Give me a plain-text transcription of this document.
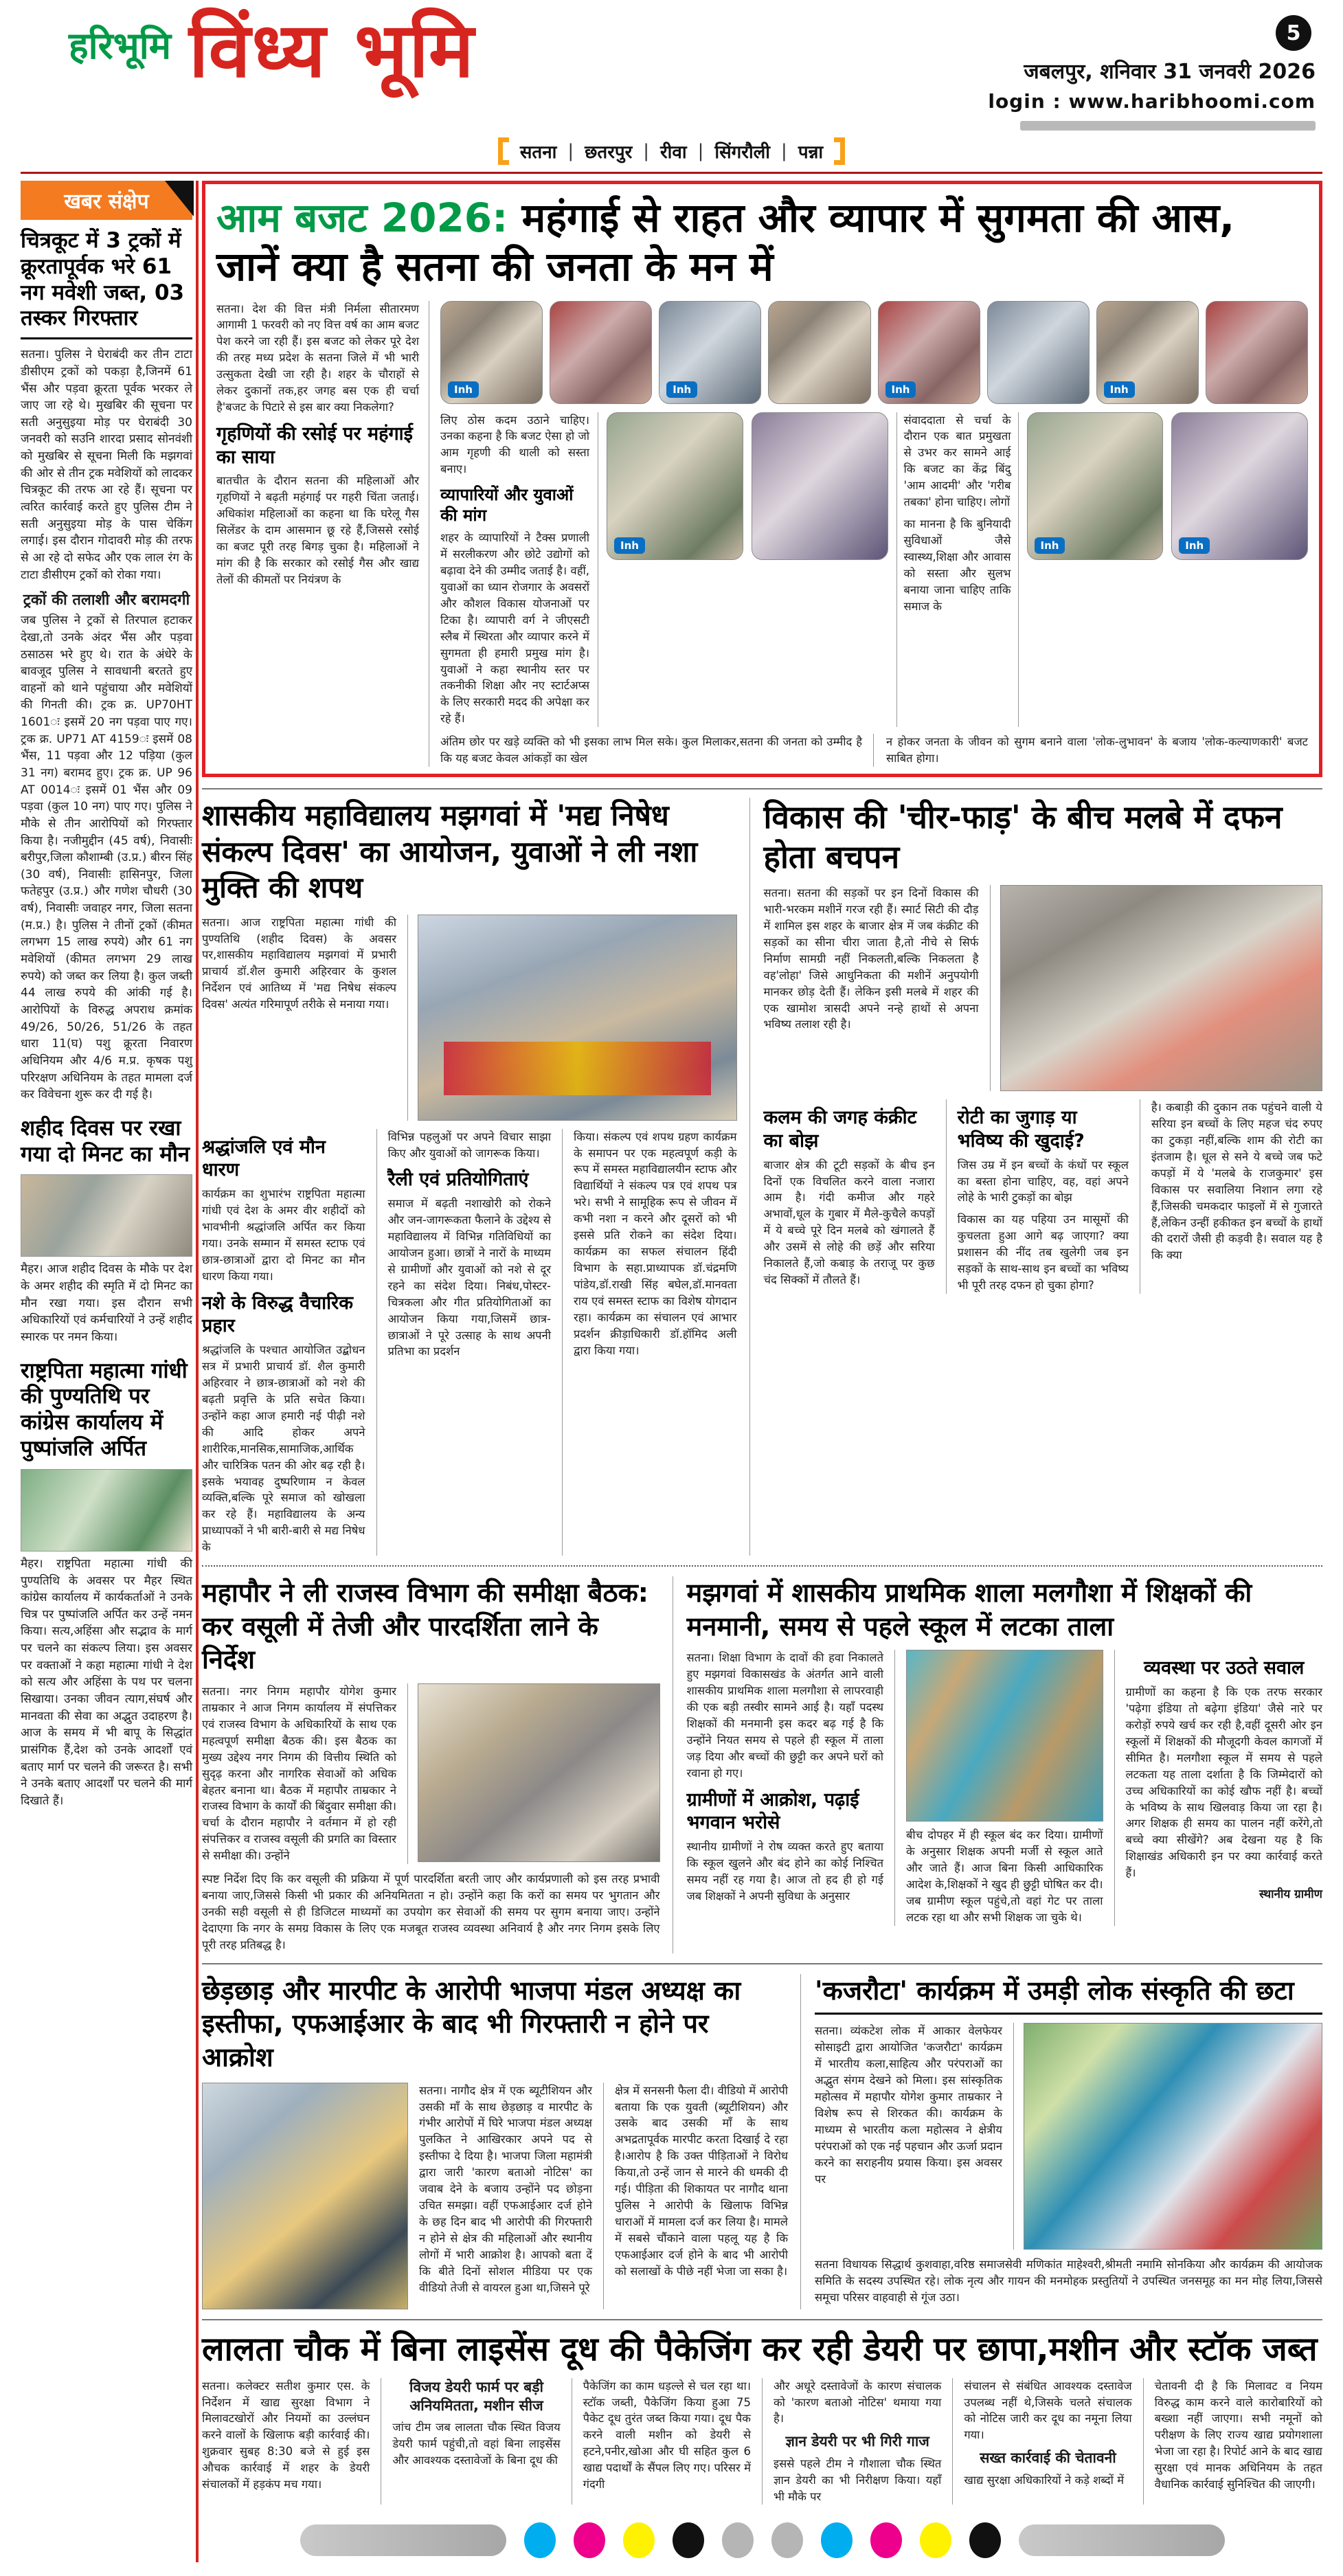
हरिभूमि विंध्य भूमि	5
जबलपुर, शनिवार 31 जनवरी 2026
login : www.haribhoomi.com
सतना | छतरपुर | रीवा | सिंगरौली | पन्ना
खबर संक्षेप
चित्रकूट में 3 ट्रकों में क्रूरतापूर्वक भरे 61 नग मवेशी जब्त, 03 तस्कर गिरफ्तार

सतना। पुलिस ने घेराबंदी कर तीन टाटा डीसीएम ट्रकों को पकड़ा है,जिनमें 61 भैंस और पड़वा क्रूरता पूर्वक भरकर ले जाए जा रहे थे। मुखबिर की सूचना पर सती अनुसुइया मोड़ पर घेराबंदी 30 जनवरी को सउनि शारदा प्रसाद सोनवंशी को मुखबिर से सूचना मिली कि मझगवां की ओर से तीन ट्रक मवेशियों को लादकर चित्रकूट की तरफ आ रहे हैं। सूचना पर त्वरित कार्रवाई करते हुए पुलिस टीम ने सती अनुसुइया मोड़ के पास चेकिंग लगाई। इस दौरान गोदावरी मोड़ की तरफ से आ रहे दो सफेद और एक लाल रंग के टाटा डीसीएम ट्रकों को रोका गया।

ट्रकों की तलाशी और बरामदगी

जब पुलिस ने ट्रकों से तिरपाल हटाकर देखा,तो उनके अंदर भैंस और पड़वा ठसाठस भरे हुए थे। रात के अंधेरे के बावजूद पुलिस ने सावधानी बरतते हुए वाहनों को थाने पहुंचाया और मवेशियों की गिनती की। ट्रक क्र. UP70HT 1601ः इसमें 20 नग पड़वा पाए गए। ट्रक क्र. UP71 AT 4159ः इसमें 08 भैंस, 11 पड़वा और 12 पड़िया (कुल 31 नग) बरामद हुए। ट्रक क्र. UP 96 AT 0014ः इसमें 01 भैंस और 09 पड़वा (कुल 10 नग) पाए गए। पुलिस ने मौके से तीन आरोपियों को गिरफ्तार किया है। नजीमुद्दीन (45 वर्ष), निवासीः बरीपुर,जिला कौशाम्बी (उ.प्र.) बीरन सिंह (30 वर्ष), निवासीः हासिनपुर, जिला फतेहपुर (उ.प्र.) और गणेश चौधरी (30 वर्ष), निवासीः जवाहर नगर, जिला सतना (म.प्र.) है। पुलिस ने तीनों ट्रकों (कीमत लगभग 15 लाख रुपये) और 61 नग मवेशियों (कीमत लगभग 29 लाख रुपये) को जब्त कर लिया है। कुल जब्ती 44 लाख रुपये की आंकी गई है। आरोपियों के विरुद्ध अपराध क्रमांक 49/26, 50/26, 51/26 के तहत धारा 11(घ) पशु क्रूरता निवारण अधिनियम और 4/6 म.प्र. कृषक पशु परिरक्षण अधिनियम के तहत मामला दर्ज कर विवेचना शुरू कर दी गई है।

शहीद दिवस पर रखा गया दो मिनट का मौन

मैहर। आज शहीद दिवस के मौके पर देश के अमर शहीद की स्मृति में दो मिनट का मौन रखा गया। इस दौरान सभी अधिकारियों एवं कर्मचारियों ने उन्हें शहीद स्मारक पर नमन किया।

राष्ट्रपिता महात्मा गांधी की पुण्यतिथि पर कांग्रेस कार्यालय में पुष्पांजलि अर्पित

मैहर। राष्ट्रपिता महात्मा गांधी की पुण्यतिथि के अवसर पर मैहर स्थित कांग्रेस कार्यालय में कार्यकर्ताओं ने उनके चित्र पर पुष्पांजलि अर्पित कर उन्हें नमन किया। सत्य,अहिंसा और सद्भाव के मार्ग पर चलने का संकल्प लिया। इस अवसर पर वक्ताओं ने कहा महात्मा गांधी ने देश को सत्य और अहिंसा के पथ पर चलना सिखाया। उनका जीवन त्याग,संघर्ष और मानवता की सेवा का अद्भुत उदाहरण है। आज के समय में भी बापू के सिद्धांत प्रासंगिक हैं,देश को उनके आदर्शों एवं बताए मार्ग पर चलने की जरूरत है। सभी ने उनके बताए आदर्शों पर चलने की मार्ग दिखाते हैं।

आम बजट 2026: महंगाई से राहत और व्यापार में सुगमता की आस, जानें क्या है सतना की जनता के मन में

सतना। देश की वित्त मंत्री निर्मला सीतारमण आगामी 1 फरवरी को नए वित्त वर्ष का आम बजट पेश करने जा रही हैं। इस बजट को लेकर पूरे देश की तरह मध्य प्रदेश के सतना जिले में भी भारी उत्सुकता देखी जा रही है। शहर के चौराहों से लेकर दुकानों तक,हर जगह बस एक ही चर्चा है'बजट के पिटारे से इस बार क्या निकलेगा?

गृहणियों की रसोई पर महंगाई का साया

बातचीत के दौरान सतना की महिलाओं और गृहणियों ने बढ़ती महंगाई पर गहरी चिंता जताई। अधिकांश महिलाओं का कहना था कि घरेलू गैस सिलेंडर के दाम आसमान छू रहे हैं,जिससे रसोई का बजट पूरी तरह बिगड़ चुका है। महिलाओं ने मांग की है कि सरकार को रसोई गैस और खाद्य तेलों की कीमतों पर नियंत्रण के

Inh	Inh	Inh	Inh

लिए ठोस कदम उठाने चाहिए। उनका कहना है कि बजट ऐसा हो जो आम गृहणी की थाली को सस्ता बनाए।

व्यापारियों और युवाओं की मांग

शहर के व्यापारियों ने टैक्स प्रणाली में सरलीकरण और छोटे उद्योगों को बढ़ावा देने की उम्मीद जताई है। वहीं, युवाओं का ध्यान रोजगार के अवसरों और कौशल विकास योजनाओं पर टिका है। व्यापारी वर्ग ने जीएसटी स्लैब में स्थिरता और व्यापार करने में सुगमता ही हमारी प्रमुख मांग है। युवाओं ने कहा स्थानीय स्तर पर तकनीकी शिक्षा और नए स्टार्टअप्स के लिए सरकारी मदद की अपेक्षा कर रहे हैं।

Inh

संवाददाता से चर्चा के दौरान एक बात प्रमुखता से उभर कर सामने आई कि बजट का केंद्र बिंदु 'आम आदमी' और 'गरीब तबका' होना चाहिए। लोगों

का मानना है कि बुनियादी सुविधाओं जैसे स्वास्थ्य,शिक्षा और आवास को सस्ता और सुलभ बनाया जाना चाहिए ताकि समाज के

Inh	Inh

अंतिम छोर पर खड़े व्यक्ति को भी इसका लाभ मिल सके। कुल मिलाकर,सतना की जनता को उम्मीद है कि यह बजट केवल आंकड़ों का खेल

न होकर जनता के जीवन को सुगम बनाने वाला 'लोक-लुभावन' के बजाय 'लोक-कल्याणकारी' बजट साबित होगा।

शासकीय महाविद्यालय मझगवां में 'मद्य निषेध संकल्प दिवस' का आयोजन, युवाओं ने ली नशा मुक्ति की शपथ

सतना। आज राष्ट्रपिता महात्मा गांधी की पुण्यतिथि (शहीद दिवस) के अवसर पर,शासकीय महाविद्यालय मझगवां में प्रभारी प्राचार्य डॉ.शैल कुमारी अहिरवार के कुशल निर्देशन एवं आतिथ्य में 'मद्य निषेध संकल्प दिवस' अत्यंत गरिमापूर्ण तरीके से मनाया गया।

श्रद्धांजलि एवं मौन धारण

कार्यक्रम का शुभारंभ राष्ट्रपिता महात्मा गांधी एवं देश के अमर वीर शहीदों को भावभीनी श्रद्धांजलि अर्पित कर किया गया। उनके सम्मान में समस्त स्टाफ एवं छात्र-छात्राओं द्वारा दो मिनट का मौन धारण किया गया।

नशे के विरुद्ध वैचारिक प्रहार

श्रद्धांजलि के पश्चात आयोजित उद्बोधन सत्र में प्रभारी प्राचार्य डॉ. शैल कुमारी अहिरवार ने छात्र-छात्राओं को नशे की बढ़ती प्रवृत्ति के प्रति सचेत किया। उन्होंने कहा आज हमारी नई पीढ़ी नशे की आदि होकर अपने शारीरिक,मानसिक,सामाजिक,आर्थिक और चारित्रिक पतन की ओर बढ़ रही है। इसके भयावह दुष्परिणाम न केवल व्यक्ति,बल्कि पूरे समाज को खोखला कर रहे हैं। महाविद्यालय के अन्य प्राध्यापकों ने भी बारी-बारी से मद्य निषेध के

विभिन्न पहलुओं पर अपने विचार साझा किए और युवाओं को जागरूक किया।

रैली एवं प्रतियोगिताएं

समाज में बढ़ती नशाखोरी को रोकने और जन-जागरूकता फैलाने के उद्देश्य से महाविद्यालय में विभिन्न गतिविधियों का आयोजन हुआ। छात्रों ने नारों के माध्यम से ग्रामीणों और युवाओं को नशे से दूर रहने का संदेश दिया। निबंध,पोस्टर-चित्रकला और गीत प्रतियोगिताओं का आयोजन किया गया,जिसमें छात्र-छात्राओं ने पूरे उत्साह के साथ अपनी प्रतिभा का प्रदर्शन

किया। संकल्प एवं शपथ ग्रहण कार्यक्रम के समापन पर एक महत्वपूर्ण कड़ी के रूप में समस्त महाविद्यालयीन स्टाफ और विद्यार्थियों ने संकल्प पत्र एवं शपथ पत्र भरे। सभी ने सामूहिक रूप से जीवन में कभी नशा न करने और दूसरों को भी इससे प्रति रोकने का संदेश दिया। कार्यक्रम का सफल संचालन हिंदी विभाग के सहा.प्राध्यापक डॉ.चंद्रमणि पांडेय,डॉ.राखी सिंह बघेल,डॉ.मानवता राय एवं समस्त स्टाफ का विशेष योगदान रहा। कार्यक्रम का संचालन एवं आभार प्रदर्शन क्रीड़ाधिकारी डॉ.हॉमिद अली द्वारा किया गया।

विकास की 'चीर-फाड़' के बीच मलबे में दफन होता बचपन

सतना। सतना की सड़कों पर इन दिनों विकास की भारी-भरकम मशीनें गरज रही हैं। स्मार्ट सिटी की दौड़ में शामिल इस शहर के बाजार क्षेत्र में जब कंक्रीट की सड़कों का सीना चीरा जाता है,तो नीचे से सिर्फ निर्माण सामग्री नहीं निकलती,बल्कि निकलता है वह'लोहा' जिसे आधुनिकता की मशीनें अनुपयोगी मानकर छोड़ देती हैं। लेकिन इसी मलबे में शहर की एक खामोश त्रासदी अपने नन्हे हाथों से अपना भविष्य तलाश रही है।

कलम की जगह कंक्रीट का बोझ

बाजार क्षेत्र की टूटी सड़कों के बीच इन दिनों एक विचलित करने वाला नजारा आम है। गंदी कमीज और गहरे अभावों,धूल के गुबार में मैले-कुचैले कपड़ों में ये बच्चे पूरे दिन मलबे को खंगालते हैं और उसमें से लोहे की छड़ें और सरिया निकालते हैं,जो कबाड़ के तराजू पर कुछ चंद सिक्कों में तौलते हैं।

रोटी का जुगाड़ या भविष्य की खुदाई?

जिस उम्र में इन बच्चों के कंधों पर स्कूल का बस्ता होना चाहिए, वह, वहां अपने लोहे के भारी टुकड़ों का बोझ

विकास का यह पहिया उन मासूमों की कुचलता हुआ आगे बढ़ जाएगा? क्या प्रशासन की नींद तब खुलेगी जब इन सड़कों के साथ-साथ इन बच्चों का भविष्य भी पूरी तरह दफन हो चुका होगा?

है। कबाड़ी की दुकान तक पहुंचने वाली ये सरिया इन बच्चों के लिए महज चंद रुपए का टुकड़ा नहीं,बल्कि शाम की रोटी का इंतजाम है। धूल से सने ये बच्चे जब फटे कपड़ों में ये 'मलबे के राजकुमार' इस विकास पर सवालिया निशान लगा रहे हैं,जिसकी चमकदार फाइलों में से गुजारते हैं,लेकिन उन्हीं हकीकत इन बच्चों के हाथों की दरारों जैसी ही कड़वी है। सवाल यह है कि क्या

महापौर ने ली राजस्व विभाग की समीक्षा बैठक:
कर वसूली में तेजी और पारदर्शिता लाने के निर्देश

सतना। नगर निगम महापौर योगेश कुमार ताम्रकार ने आज निगम कार्यालय में संपत्तिकर एवं राजस्व विभाग के अधिकारियों के साथ एक महत्वपूर्ण समीक्षा बैठक की। इस बैठक का मुख्य उद्देश्य नगर निगम की वित्तीय स्थिति को सुदृढ़ करना और नागरिक सेवाओं को अधिक बेहतर बनाना था। बैठक में महापौर ताम्रकार ने राजस्व विभाग के कार्यों की बिंदुवार समीक्षा की। चर्चा के दौरान महापौर ने वर्तमान में हो रही संपत्तिकर व राजस्व वसूली की प्रगति का विस्तार से समीक्षा की। उन्होंने

स्पष्ट निर्देश दिए कि कर वसूली की प्रक्रिया में पूर्ण पारदर्शिता बरती जाए और कार्यप्रणाली को इस तरह प्रभावी बनाया जाए,जिससे किसी भी प्रकार की अनियमितता न हो। उन्होंने कहा कि करों का समय पर भुगतान और उनकी सही वसूली से ही डिजिटल माध्यमों का उपयोग कर सेवाओं की समय पर सुगम बनाया जाए। उन्होंने देदाएगा कि नगर के समग्र विकास के लिए एक मजबूत राजस्व व्यवस्था अनिवार्य है और नगर निगम इसके लिए पूरी तरह प्रतिबद्ध है।

मझगवां में शासकीय प्राथमिक शाला मलगौशा में शिक्षकों की मनमानी, समय से पहले स्कूल में लटका ताला

सतना। शिक्षा विभाग के दावों की हवा निकालते हुए मझगवां विकासखंड के अंतर्गत आने वाली शासकीय प्राथमिक शाला मलगौशा से लापरवाही की एक बड़ी तस्वीर सामने आई है। यहाँ पदस्थ शिक्षकों की मनमानी इस कदर बढ़ गई है कि उन्होंने नियत समय से पहले ही स्कूल में ताला जड़ दिया और बच्चों की छुट्टी कर अपने घरों को रवाना हो गए।

ग्रामीणों में आक्रोश, पढ़ाई भगवान भरोसे

स्थानीय ग्रामीणों ने रोष व्यक्त करते हुए बताया कि स्कूल खुलने और बंद होने का कोई निश्चित समय नहीं रह गया है। आज तो हद ही हो गई जब शिक्षकों ने अपनी सुविधा के अनुसार

बीच दोपहर में ही स्कूल बंद कर दिया। ग्रामीणों के अनुसार शिक्षक अपनी मर्जी से स्कूल आते और जाते हैं। आज बिना किसी आधिकारिक आदेश के,शिक्षकों ने खुद ही छुट्टी घोषित कर दी। जब ग्रामीण स्कूल पहुंचे,तो वहां गेट पर ताला लटक रहा था और सभी शिक्षक जा चुके थे।

व्यवस्था पर उठते सवाल

ग्रामीणों का कहना है कि एक तरफ सरकार 'पढ़ेगा इंडिया तो बढ़ेगा इंडिया' जैसे नारे पर करोड़ों रुपये खर्च कर रही है,वहीं दूसरी ओर इन स्कूलों में शिक्षकों की मौजूदगी केवल कागजों में सीमित है। मलगौशा स्कूल में समय से पहले लटकता यह ताला दर्शाता है कि जिम्मेदारों को उच्च अधिकारियों का कोई खौफ नहीं है। बच्चों के भविष्य के साथ खिलवाड़ किया जा रहा है। अगर शिक्षक ही समय का पालन नहीं करेंगे,तो बच्चे क्या सीखेंगे? अब देखना यह है कि शिक्षाखंड अधिकारी इन पर क्या कार्रवाई करते हैं।

स्थानीय ग्रामीण
छेड़छाड़ और मारपीट के आरोपी भाजपा मंडल अध्यक्ष का इस्तीफा, एफआईआर के बाद भी गिरफ्तारी न होने पर आक्रोश

सतना। नागौद क्षेत्र में एक ब्यूटीशियन और उसकी माँ के साथ छेड़छाड़ व मारपीट के गंभीर आरोपों में घिरे भाजपा मंडल अध्यक्ष पुलकित ने आखिरकार अपने पद से इस्तीफा दे दिया है। भाजपा जिला महामंत्री द्वारा जारी 'कारण बताओ नोटिस' का जवाब देने के बजाय उन्होंने पद छोड़ना उचित समझा। वहीं एफआईआर दर्ज होने के छह दिन बाद भी आरोपी की गिरफ्तारी न होने से क्षेत्र की महिलाओं और स्थानीय लोगों में भारी आक्रोश है। आपको बता दें कि बीते दिनों सोशल मीडिया पर एक वीडियो तेजी से वायरल हुआ था,जिसने पूरे

क्षेत्र में सनसनी फैला दी। वीडियो में आरोपी बताया कि एक युवती (ब्यूटीशियन) और उसके बाद उसकी माँ के साथ अभद्रतापूर्वक मारपीट करता दिखाई दे रहा है।आरोप है कि उक्त पीड़िताओं ने विरोध किया,तो उन्हें जान से मारने की धमकी दी गई। पीड़िता की शिकायत पर नागौद थाना पुलिस ने आरोपी के खिलाफ विभिन्न धाराओं में मामला दर्ज कर लिया है। मामले में सबसे चौंकाने वाला पहलू यह है कि एफआईआर दर्ज होने के बाद भी आरोपी को सलाखों के पीछे नहीं भेजा जा सका है।

'कजरौटा' कार्यक्रम में उमड़ी लोक संस्कृति की छटा

सतना। व्यंकटेश लोक में आकार वेलफेयर सोसाइटी द्वारा आयोजित 'कजरौटा' कार्यक्रम में भारतीय कला,साहित्य और परंपराओं का अद्भुत संगम देखने को मिला। इस सांस्कृतिक महोत्सव में महापौर योगेश कुमार ताम्रकार ने विशेष रूप से शिरकत की। कार्यक्रम के माध्यम से भारतीय कला महोत्सव ने क्षेत्रीय परंपराओं को एक नई पहचान और ऊर्जा प्रदान करने का सराहनीय प्रयास किया। इस अवसर पर

सतना विधायक सिद्धार्थ कुशवाहा,वरिष्ठ समाजसेवी मणिकांत माहेश्वरी,श्रीमती नमामि सोनकिया और कार्यक्रम की आयोजक समिति के सदस्य उपस्थित रहे। लोक नृत्य और गायन की मनमोहक प्रस्तुतियों ने उपस्थित जनसमूह का मन मोह लिया,जिससे समूचा परिसर वाहवाही से गूंज उठा।

लालता चौक में बिना लाइसेंस दूध की पैकेजिंग कर रही डेयरी पर छापा,मशीन और स्टॉक जब्त

सतना। कलेक्टर सतीश कुमार एस. के निर्देशन में खाद्य सुरक्षा विभाग ने मिलावटखोरों और नियमों का उल्लंघन करने वालों के खिलाफ बड़ी कार्रवाई की। शुक्रवार सुबह 8:30 बजे से हुई इस औचक कार्रवाई में शहर के डेयरी संचालकों में हड़कंप मच गया।

विजय डेयरी फार्म पर बड़ी अनियमितता, मशीन सीज

जांच टीम जब लालता चौक स्थित विजय डेयरी फार्म पहुंची,तो वहां बिना लाइसेंस और आवश्यक दस्तावेजों के बिना दूध की

पैकेजिंग का काम धड़ल्ले से चल रहा था।स्टॉक जब्ती, पैकेजिंग किया हुआ 75 पैकेट दूध तुरंत जब्त किया गया। दूध पैक करने वाली मशीन को डेयरी से हटने,पनीर,खोआ और घी सहित कुल 6 खाद्य पदार्थों के सैंपल लिए गए। परिसर में गंदगी

और अधूरे दस्तावेजों के कारण संचालक को 'कारण बताओ नोटिस' थमाया गया है।

ज्ञान डेयरी पर भी गिरी गाज

इससे पहले टीम ने गौशाला चौक स्थित ज्ञान डेयरी का भी निरीक्षण किया। यहाँ भी मौके पर

संचालन से संबंधित आवश्यक दस्तावेज उपलब्ध नहीं थे,जिसके चलते संचालक को नोटिस जारी कर दूध का नमूना लिया गया।

सख्त कार्रवाई की चेतावनी

खाद्य सुरक्षा अधिकारियों ने कड़े शब्दों में

चेतावनी दी है कि मिलावट व नियम विरुद्ध काम करने वाले कारोबारियों को बख्शा नहीं जाएगा। सभी नमूनों को परीक्षण के लिए राज्य खाद्य प्रयोगशाला भेजा जा रहा है। रिपोर्ट आने के बाद खाद्य सुरक्षा एवं मानक अधिनियम के तहत वैधानिक कार्रवाई सुनिश्चित की जाएगी।
